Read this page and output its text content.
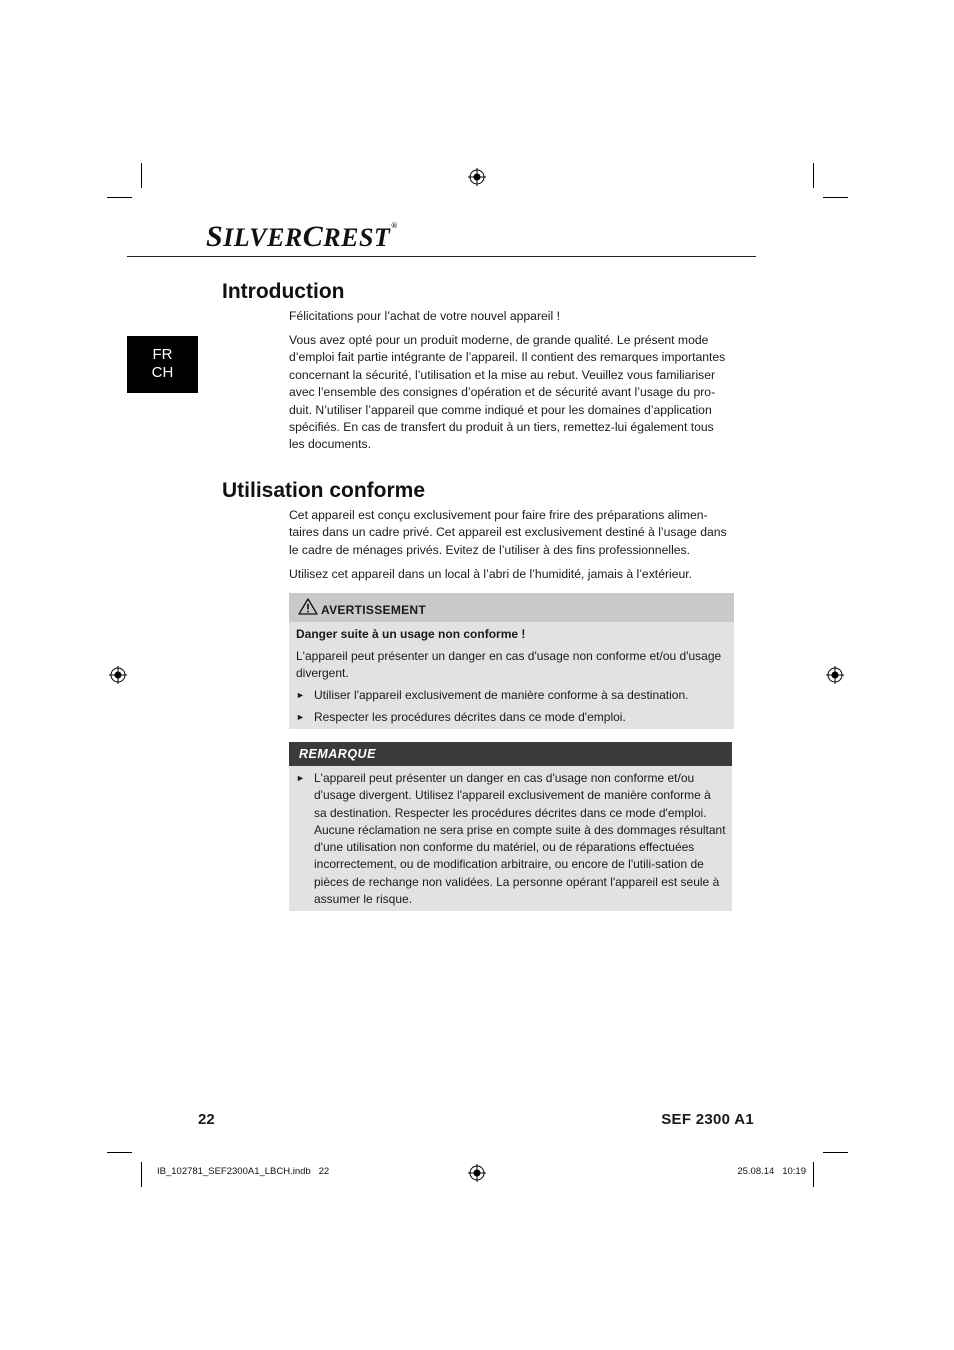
SILVERCREST®
FR
CH
Introduction

Félicitations pour l’achat de votre nouvel appareil !

Vous avez opté pour un produit moderne, de grande qualité. Le présent mode d’emploi fait partie intégrante de l’appareil. Il contient des remarques importantes concernant la sécurité, l’utilisation et la mise au rebut. Veuillez vous familiariser avec l’ensemble des consignes d’opération et de sécurité avant l’usage du pro-duit. N’utiliser l’appareil que comme indiqué et pour les domaines d’application spécifiés. En cas de transfert du produit à un tiers, remettez-lui également tous les documents.

Utilisation conforme

Cet appareil est conçu exclusivement pour faire frire des préparations alimen-taires dans un cadre privé. Cet appareil est exclusivement destiné à l’usage dans le cadre de ménages privés. Evitez de l’utiliser à des fins professionnelles.

Utilisez cet appareil dans un local à l’abri de l’humidité, jamais à l’extérieur.

AVERTISSEMENT
Danger suite à un usage non conforme !
L'appareil peut présenter un danger en cas d'usage non conforme et/ou d'usage divergent.
► Utiliser l'appareil exclusivement de manière conforme à sa destination.
► Respecter les procédures décrites dans ce mode d'emploi.
REMARQUE
► L'appareil peut présenter un danger en cas d'usage non conforme et/ou d'usage divergent. Utilisez l'appareil exclusivement de manière conforme à sa destination. Respecter les procédures décrites dans ce mode d'emploi. Aucune réclamation ne sera prise en compte suite à des dommages résultant d'une utilisation non conforme du matériel, ou de réparations effectuées incorrectement, ou de modification arbitraire, ou encore de l'utili-sation de pièces de rechange non validées. La personne opérant l'appareil est seule à assumer le risque.
22	SEF 2300 A1
IB_102781_SEF2300A1_LBCH.indb   22	25.08.14   10:19
